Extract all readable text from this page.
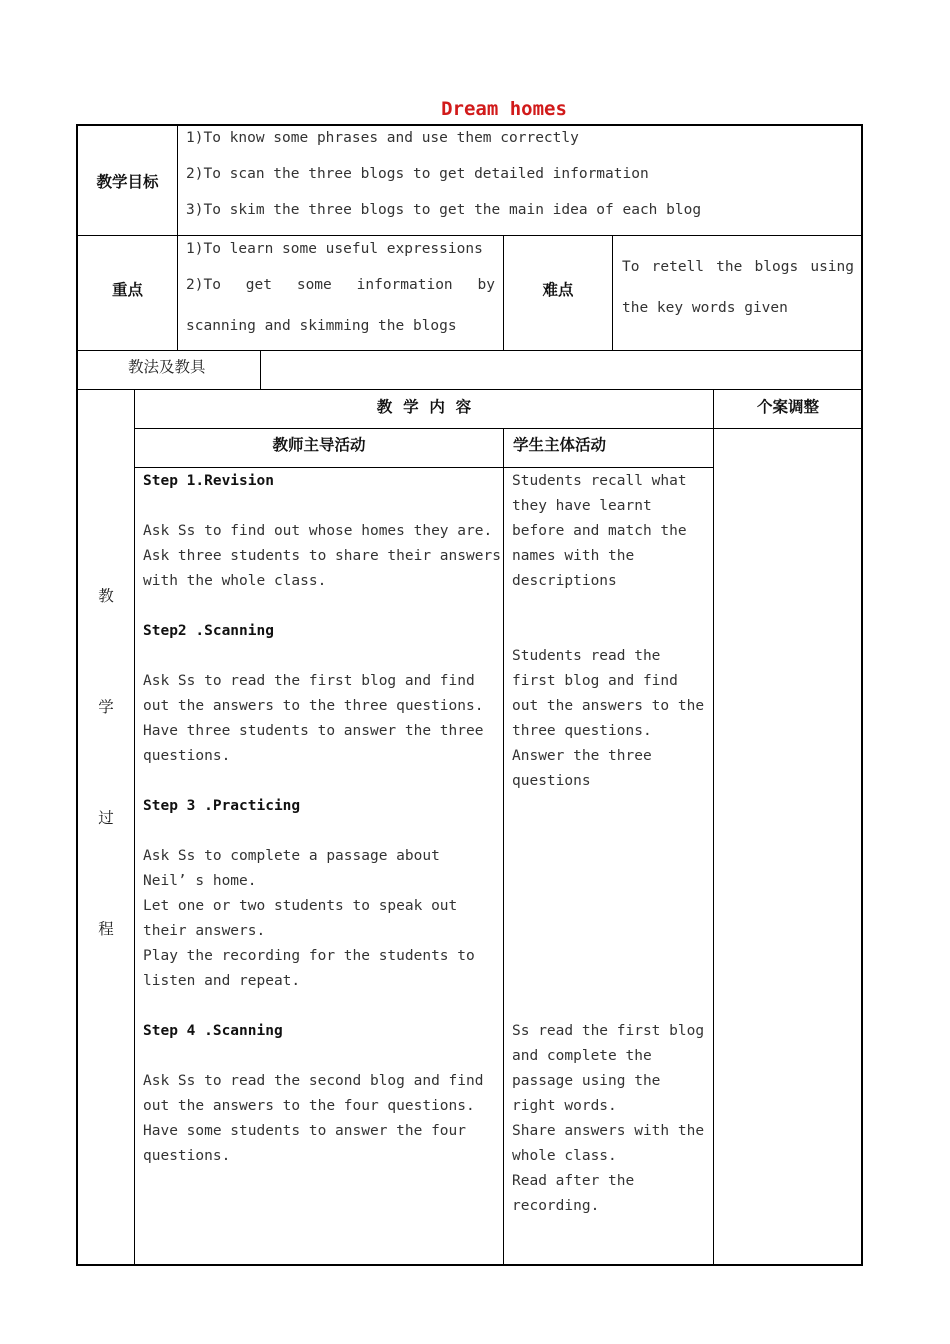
Dream homes
教学目标
1)To know some phrases and use them correctly
2)To scan the three blogs to get detailed information
3)To skim the three blogs to get the main idea of each blog
重点
1)To learn some useful expressions
2)To get some information by
scanning and skimming the blogs
难点
To retell the blogs using
the key words given
教法及教具
教
学
过
程
教  学  内  容	个案调整
教师主导活动	学生主体活动
Step 1.Revision
Ask Ss to find out whose homes they are.
Ask three students to share their answers
with the whole class.
Step2 .Scanning
Ask Ss to read the first blog and find
out the answers to the three questions.
Have three students to answer the three
questions.
Step 3 .Practicing
Ask Ss to complete a passage about
Neil’ s home.
Let one or two students to speak out
their answers.
Play the recording for the students to
listen and repeat.
Step 4 .Scanning
Ask Ss to read the second blog and find
out the answers to the four questions.
Have some students to answer the four
questions.
Students recall what
they have learnt
before and match the
names with the
descriptions
Students read the
first blog and find
out the answers to the
three questions.
Answer the three
questions
Ss read the first blog
and complete the
passage using the
right words.
Share answers with the
whole class.
Read after the
recording.
